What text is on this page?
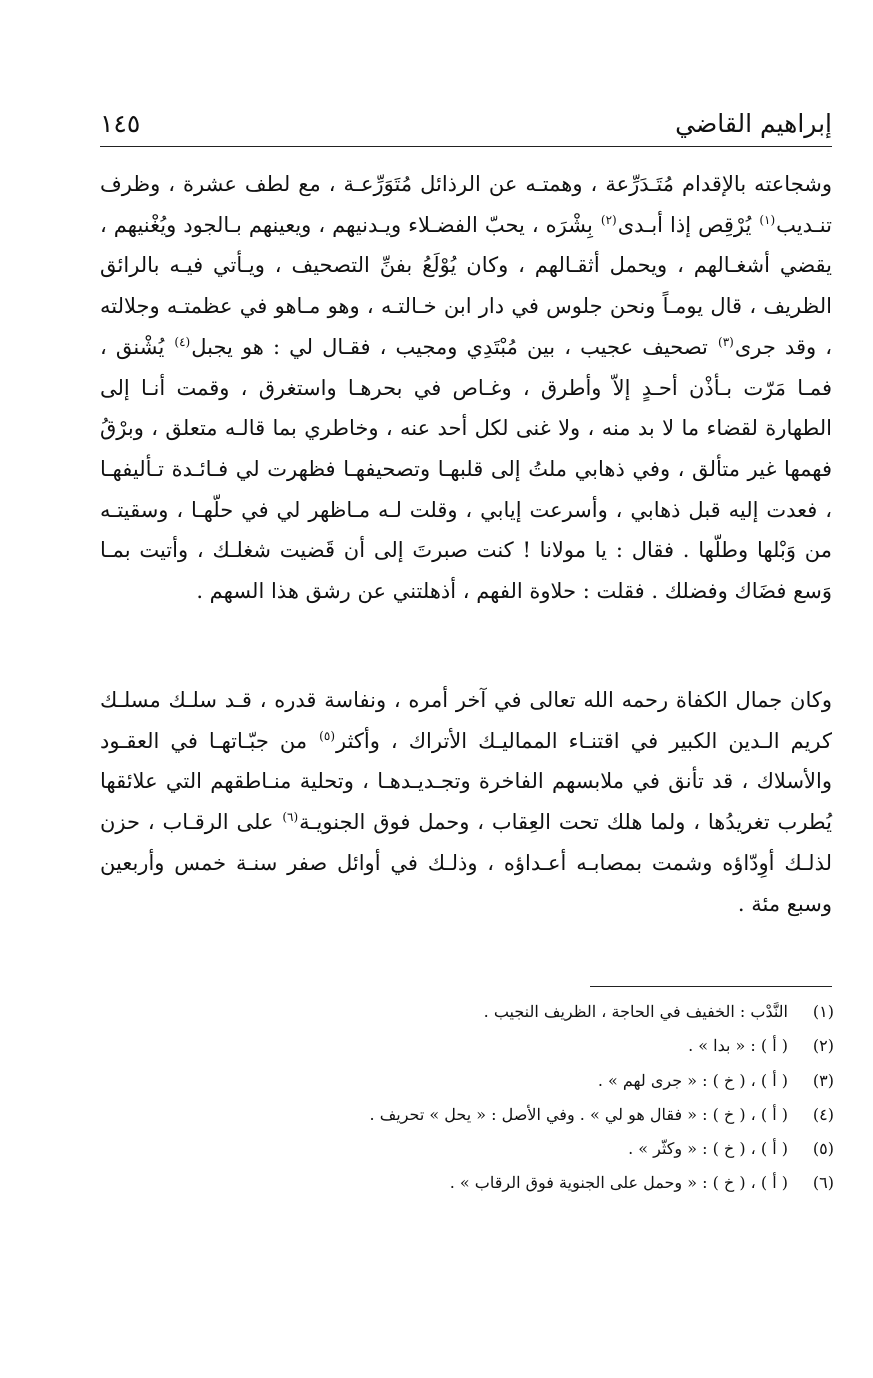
إبراهيم القاضي
١٤٥

وشجاعته بالإقدام مُتَـدَرِّعة ، وهمتـه عن الرذائل مُتَوَرِّعـة ، مع لطف عشرة ، وظرف تنـديب$^{(١)}$ يُرْقِص إذا أبـدى$^{(٢)}$ بِشْرَه ، يحبّ الفضـلاء ويـدنيهم ، ويعينهم بـالجود ويُغْنيهم ، يقضي أشغـالهم ، ويحمل أثقـالهم ، وكان يُوْلَعُ بفنِّ التصحيف ، ويـأتي فيـه بالرائق الظريف ، قال يومـاً ونحن جلوس في دار ابن خـالتـه ، وهو مـاهو في عظمتـه وجلالته ، وقد جرى$^{(٣)}$ تصحيف عجيب ، بين مُبْتَدِي ومجيب ، فقـال لي : هو يجبل$^{(٤)}$ يُشْنق ، فمـا مَرّت بـأذْن أحـدٍ إلاّ وأطرق ، وغـاص في بحرهـا واستغرق ، وقمت أنـا إلى الطهارة لقضاء ما لا بد منه ، ولا غنى لكل أحد عنه ، وخاطري بما قالـه متعلق ، وبرْقُ فهمها غير متألق ، وفي ذهابي ملتُ إلى قلبهـا وتصحيفهـا فظهرت لي فـائـدة تـأليفهـا ، فعدت إليه قبل ذهابي ، وأسرعت إيابي ، وقلت لـه مـاظهر لي في حلّهـا ، وسقيتـه من وَبْلها وطلّها . فقال : يا مولانا ! كنت صبرتَ إلى أن قَضيت شغلـك ، وأتيت بمـا وَسع فضَاك وفضلك . فقلت : حلاوة الفهم ، أذهلتني عن رشق هذا السهم .

وكان جمال الكفاة رحمه الله تعالى في آخر أمره ، ونفاسة قدره ، قـد سلـك مسلـك كريم الـدين الكبير في اقتنـاء المماليـك الأتراك ، وأكثر$^{(٥)}$ من جبّـاتهـا في العقـود والأسلاك ، قد تأنق في ملابسهم الفاخرة وتجـديـدهـا ، وتحلية منـاطقهم التي علائقها يُطرب تغريدُها ، ولما هلك تحت العِقاب ، وحمل فوق الجنويـة$^{(٦)}$ على الرقـاب ، حزن لذلـك أوِدّاؤه وشمت بمصابـه أعـداؤه ، وذلـك في أوائل صفر سنـة خمس وأربعين وسبع مئة .

(١)
النَّدْب : الخفيف في الحاجة ، الظريف النجيب .
(٢)
( أ ) : « بدا » .
(٣)
( أ ) ، ( خ ) : « جرى لهم » .
(٤)
( أ ) ، ( خ ) : « فقال هو لي » . وفي الأصل : « يحل » تحريف .
(٥)
( أ ) ، ( خ ) : « وكثّر » .
(٦)
( أ ) ، ( خ ) : « وحمل على الجنوية فوق الرقاب » .
